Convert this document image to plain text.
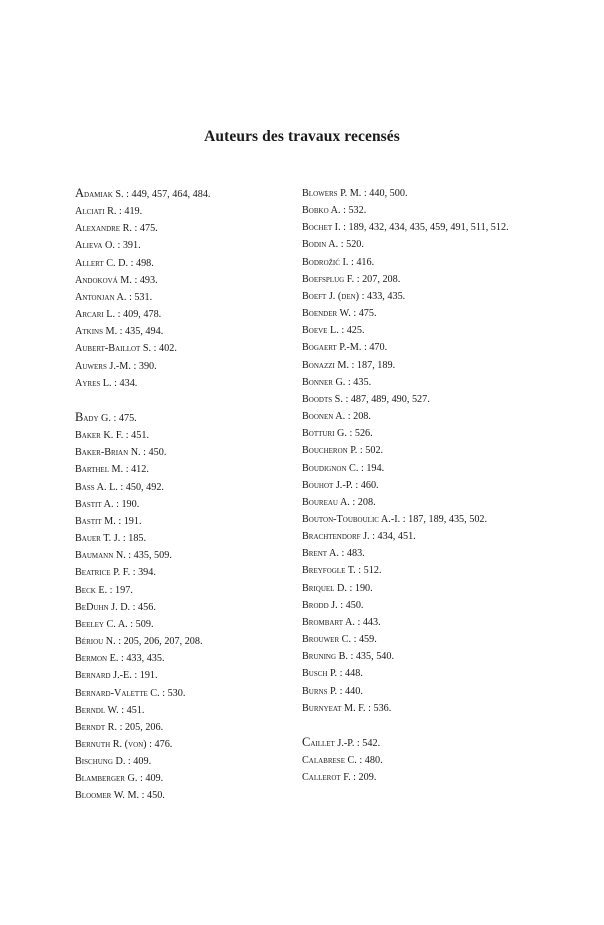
Auteurs des travaux recensés
Adamiak S. : 449, 457, 464, 484.
Alciati R. : 419.
Alexandre R. : 475.
Alieva O. : 391.
Allert C. D. : 498.
Andoková M. : 493.
Antonjan A. : 531.
Arcari L. : 409, 478.
Atkins M. : 435, 494.
Aubert-Baillot S. : 402.
Auwers J.-M. : 390.
Ayres L. : 434.
Bady G. : 475.
Baker K. F. : 451.
Baker-Brian N. : 450.
Barthel M. : 412.
Bass A. L. : 450, 492.
Bastit A. : 190.
Bastit M. : 191.
Bauer T. J. : 185.
Baumann N. : 435, 509.
Beatrice P. F. : 394.
Beck E. : 197.
BeDuhn J. D. : 456.
Beeley C. A. : 509.
Bériou N. : 205, 206, 207, 208.
Bermon E. : 433, 435.
Bernard J.-E. : 191.
Bernard-Valette C. : 530.
Berndl W. : 451.
Berndt R. : 205, 206.
Bernuth R. (von) : 476.
Bischung D. : 409.
Blamberger G. : 409.
Bloomer W. M. : 450.
Blowers P. M. : 440, 500.
Bobko A. : 532.
Bochet I. : 189, 432, 434, 435, 459, 491, 511, 512.
Bodin A. : 520.
Bodrožić I. : 416.
Boefsplug F. : 207, 208.
Boeft J. (den) : 433, 435.
Boender W. : 475.
Boeve L. : 425.
Bogaert P.-M. : 470.
Bonazzi M. : 187, 189.
Bonner G. : 435.
Boodts S. : 487, 489, 490, 527.
Boonen A. : 208.
Botturi G. : 526.
Boucheron P. : 502.
Boudignon C. : 194.
Bouhot J.-P. : 460.
Boureau A. : 208.
Bouton-Touboulic A.-I. : 187, 189, 435, 502.
Brachtendorf J. : 434, 451.
Brent A. : 483.
Breyfogle T. : 512.
Briquel D. : 190.
Brodd J. : 450.
Brombart A. : 443.
Brouwer C. : 459.
Bruning B. : 435, 540.
Busch P. : 448.
Burns P. : 440.
Burnyeat M. F. : 536.
Caillet J.-P. : 542.
Calabrese C. : 480.
Callerot F. : 209.
